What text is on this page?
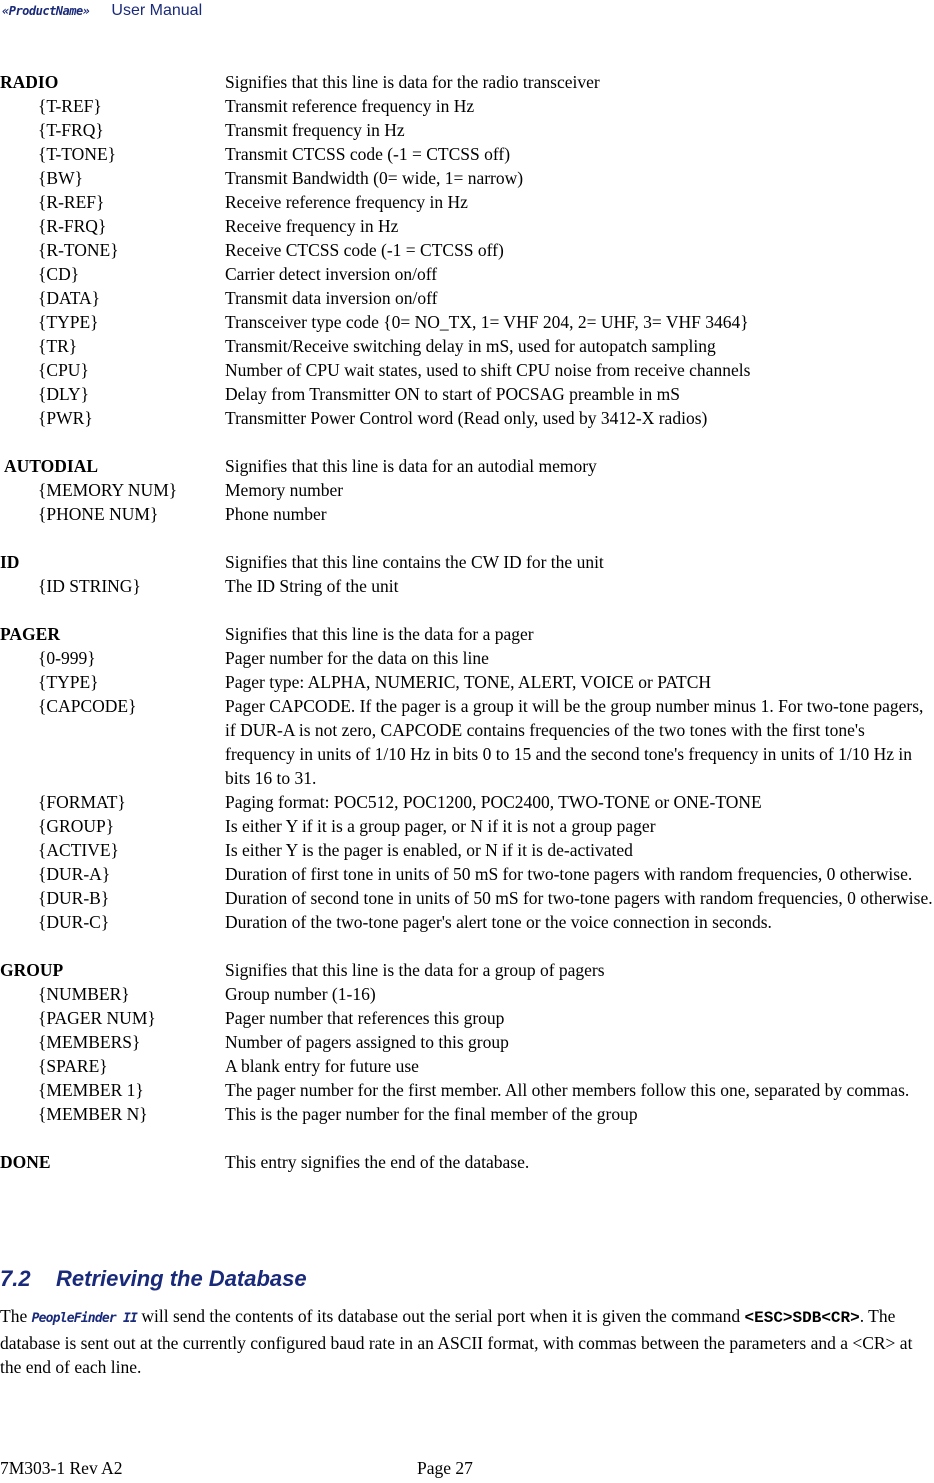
«ProductName» User Manual
RADIO	Signifies that this line is data for the radio transceiver
{T-REF}	Transmit reference frequency in Hz
{T-FRQ}	Transmit frequency in Hz
{T-TONE}	Transmit CTCSS code (-1 = CTCSS off)
{BW}	Transmit Bandwidth (0= wide, 1= narrow)
{R-REF}	Receive reference frequency in Hz
{R-FRQ}	Receive frequency in Hz
{R-TONE}	Receive CTCSS code (-1 = CTCSS off)
{CD}	Carrier detect inversion on/off
{DATA}	Transmit data inversion on/off
{TYPE}	Transceiver type code {0= NO_TX, 1= VHF 204, 2= UHF, 3= VHF 3464}
{TR}	Transmit/Receive switching delay in mS, used for autopatch sampling
{CPU}	Number of CPU wait states, used to shift CPU noise from receive channels
{DLY}	Delay from Transmitter ON to start of POCSAG preamble in mS
{PWR}	Transmitter Power Control word (Read only, used by 3412-X radios)
AUTODIAL	Signifies that this line is data for an autodial memory
{MEMORY NUM}	Memory number
{PHONE NUM}	Phone number
ID	Signifies that this line contains the CW ID for the unit
{ID STRING}	The ID String of the unit
PAGER	Signifies that this line is the data for a pager
{0-999}	Pager number for the data on this line
{TYPE}	Pager type: ALPHA, NUMERIC, TONE, ALERT, VOICE or PATCH
{CAPCODE}	Pager CAPCODE. If the pager is a group it will be the group number minus 1. For two-tone pagers, if DUR-A is not zero, CAPCODE contains frequencies of the two tones with the first tone's frequency in units of 1/10 Hz in bits 0 to 15 and the second tone's frequency in units of 1/10 Hz in bits 16 to 31.
{FORMAT}	Paging format: POC512, POC1200, POC2400, TWO-TONE or ONE-TONE
{GROUP}	Is either Y if it is a group pager, or N if it is not a group pager
{ACTIVE}	Is either Y is the pager is enabled, or N if it is de-activated
{DUR-A}	Duration of first tone in units of 50 mS for two-tone pagers with random frequencies, 0 otherwise.
{DUR-B}	Duration of second tone in units of 50 mS for two-tone pagers with random frequencies, 0 otherwise.
{DUR-C}	Duration of the two-tone pager's alert tone or the voice connection in seconds.
GROUP	Signifies that this line is the data for a group of pagers
{NUMBER}	Group number (1-16)
{PAGER NUM}	Pager number that references this group
{MEMBERS}	Number of pagers assigned to this group
{SPARE}	A blank entry for future use
{MEMBER 1}	The pager number for the first member. All other members follow this one, separated by commas.
{MEMBER N}	This is the pager number for the final member of the group
DONE	This entry signifies the end of the database.
7.2 Retrieving the Database
The PeopleFinder II will send the contents of its database out the serial port when it is given the command <ESC>SDB<CR>. The database is sent out at the currently configured baud rate in an ASCII format, with commas between the parameters and a <CR> at the end of each line.
7M303-1 Rev A2	Page 27
